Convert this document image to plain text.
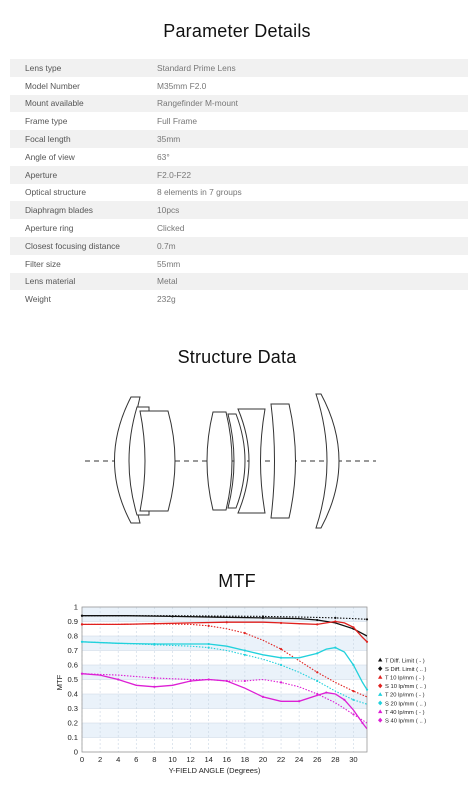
Parameter Details
Lens type	Standard Prime Lens
Model Number	M35mm F2.0
Mount available	Rangefinder M-mount
Frame type	Full Frame
Focal length	35mm
Angle of view	63°
Aperture	F2.0-F22
Optical structure	8 elements in 7 groups
Diaphragm blades	10pcs
Aperture ring	Clicked
Closest focusing distance	0.7m
Filter size	55mm
Lens material	Metal
Weight	232g
Structure Data
MTF
0 2 4 6 8 10 12 14 16 18 20 22 24 26 28 30
0
0.1
0.2
0.3
0.4
0.5
0.6
0.7
0.8
0.9
1
Y-FIELD ANGLE (Degrees)
MTF
T Diff. Limit ( - )
S Diff. Limit ( .. )
T 10 lp/mm ( - )
S 10 lp/mm ( .. )
T 20 lp/mm ( - )
S 20 lp/mm ( .. )
T 40 lp/mm ( - )
S 40 lp/mm ( .. )
